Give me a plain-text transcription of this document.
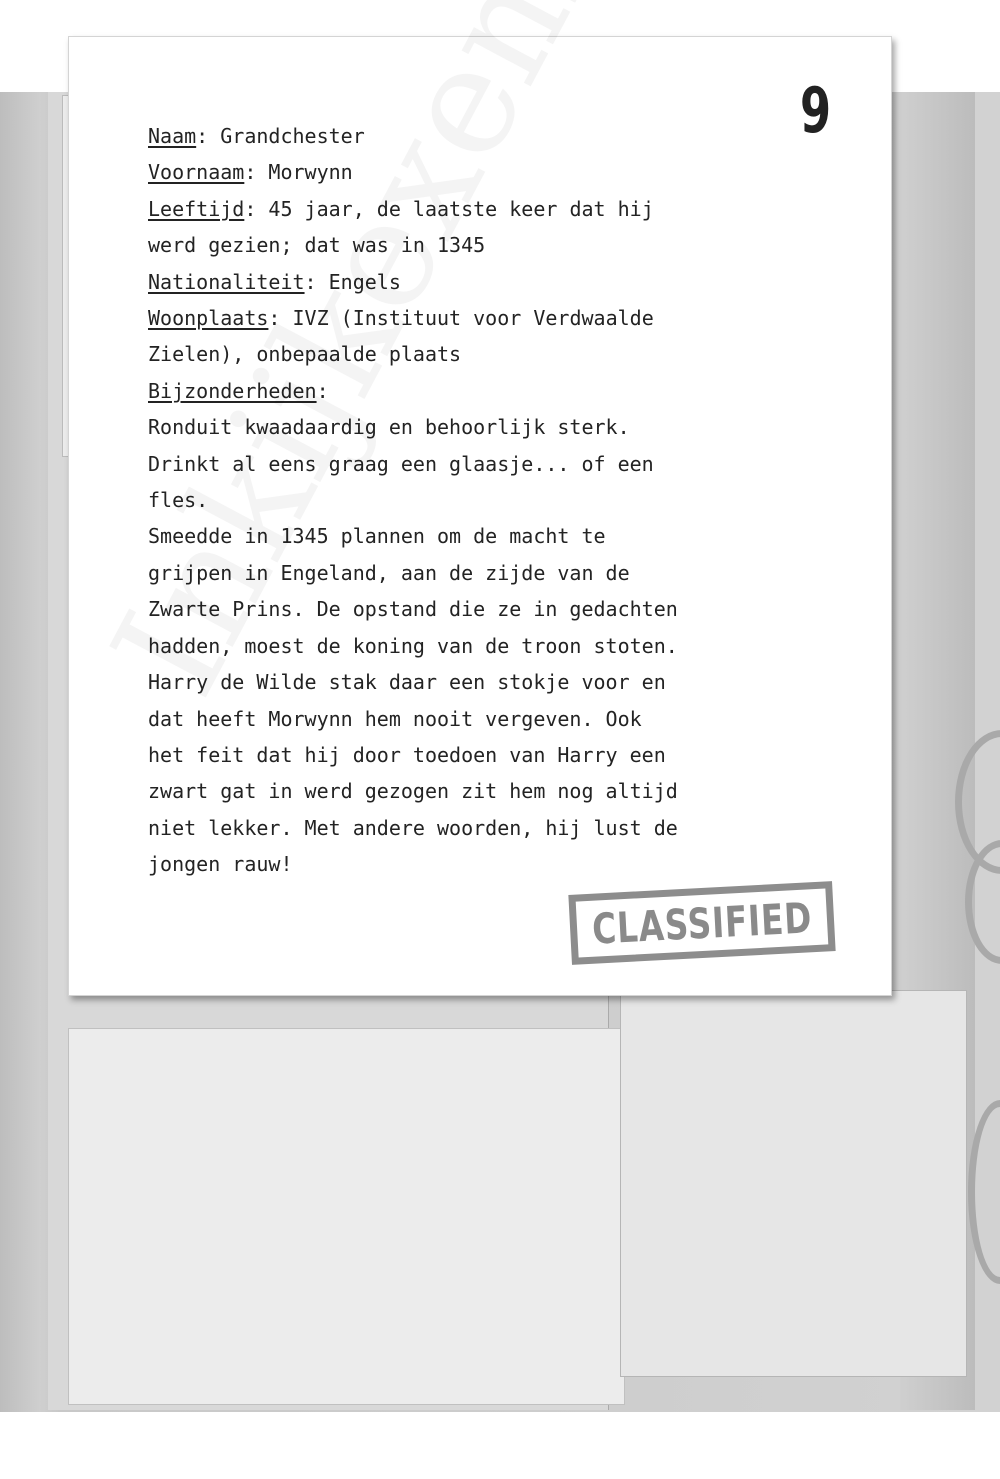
9
Naam: Grandchester
Voornaam: Morwynn
Leeftijd: 45 jaar, de laatste keer dat hij
werd gezien; dat was in 1345
Nationaliteit: Engels
Woonplaats: IVZ (Instituut voor Verdwaalde
Zielen), onbepaalde plaats
Bijzonderheden:
Ronduit kwaadaardig en behoorlijk sterk.
Drinkt al eens graag een glaasje... of een
fles.
Smeedde in 1345 plannen om de macht te
grijpen in Engeland, aan de zijde van de
Zwarte Prins. De opstand die ze in gedachten
hadden, moest de koning van de troon stoten.
Harry de Wilde stak daar een stokje voor en
dat heeft Morwynn hem nooit vergeven. Ook
het feit dat hij door toedoen van Harry een
zwart gat in werd gezogen zit hem nog altijd
niet lekker. Met andere woorden, hij lust de
jongen rauw!
CLASSIFIED
